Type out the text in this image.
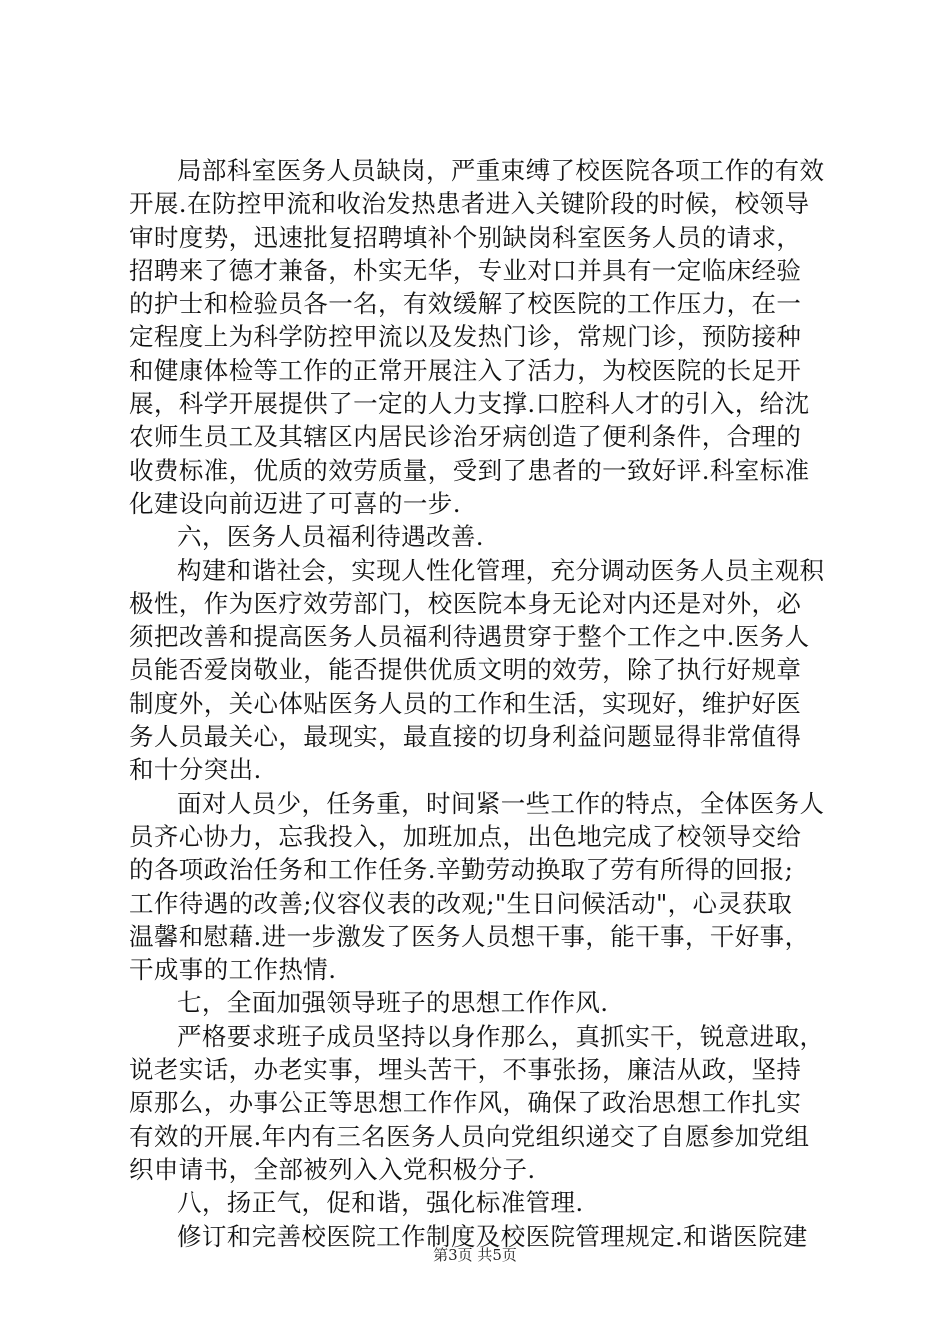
局部科室医务人员缺岗，严重束缚了校医院各项工作的有效
开展.在防控甲流和收治发热患者进入关键阶段的时候，校领导
审时度势，迅速批复招聘填补个别缺岗科室医务人员的请求，
招聘来了德才兼备，朴实无华，专业对口并具有一定临床经验
的护士和检验员各一名，有效缓解了校医院的工作压力，在一
定程度上为科学防控甲流以及发热门诊，常规门诊，预防接种
和健康体检等工作的正常开展注入了活力，为校医院的长足开
展，科学开展提供了一定的人力支撑.口腔科人才的引入，给沈
农师生员工及其辖区内居民诊治牙病创造了便利条件，合理的
收费标准，优质的效劳质量，受到了患者的一致好评.科室标准
化建设向前迈进了可喜的一步.
六，医务人员福利待遇改善.
构建和谐社会，实现人性化管理，充分调动医务人员主观积
极性，作为医疗效劳部门，校医院本身无论对内还是对外，必
须把改善和提高医务人员福利待遇贯穿于整个工作之中.医务人
员能否爱岗敬业，能否提供优质文明的效劳，除了执行好规章
制度外，关心体贴医务人员的工作和生活，实现好，维护好医
务人员最关心，最现实，最直接的切身利益问题显得非常值得
和十分突出.
面对人员少，任务重，时间紧一些工作的特点，全体医务人
员齐心协力，忘我投入，加班加点，出色地完成了校领导交给
的各项政治任务和工作任务.辛勤劳动换取了劳有所得的回报;
工作待遇的改善;仪容仪表的改观;"生日问候活动"，心灵获取
温馨和慰藉.进一步激发了医务人员想干事，能干事，干好事，
干成事的工作热情.
七，全面加强领导班子的思想工作作风.
严格要求班子成员坚持以身作那么，真抓实干，锐意进取，
说老实话，办老实事，埋头苦干，不事张扬，廉洁从政，坚持
原那么，办事公正等思想工作作风，确保了政治思想工作扎实
有效的开展.年内有三名医务人员向党组织递交了自愿参加党组
织申请书，全部被列入入党积极分子.
八，扬正气，促和谐，强化标准管理.
修订和完善校医院工作制度及校医院管理规定.和谐医院建
第3页 共5页
